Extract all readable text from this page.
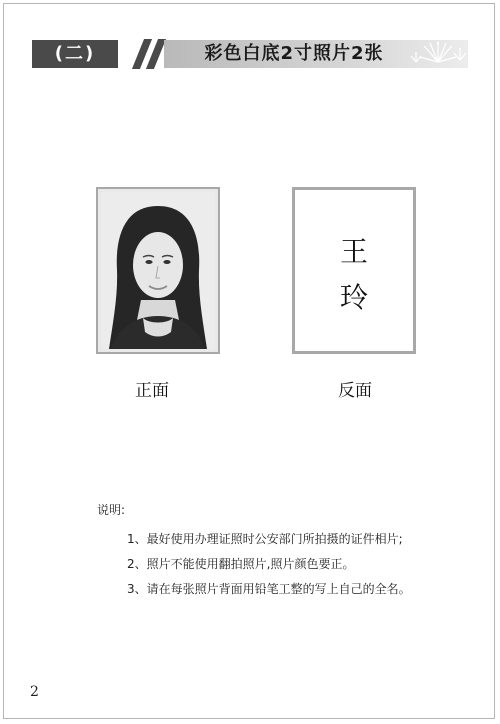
(二)	彩色白底2寸照片2张
王
玲
正面	反面
说明:
1、最好使用办理证照时公安部门所拍摄的证件相片;
2、照片不能使用翻拍照片,照片颜色要正。
3、请在每张照片背面用铅笔工整的写上自己的全名。
2
